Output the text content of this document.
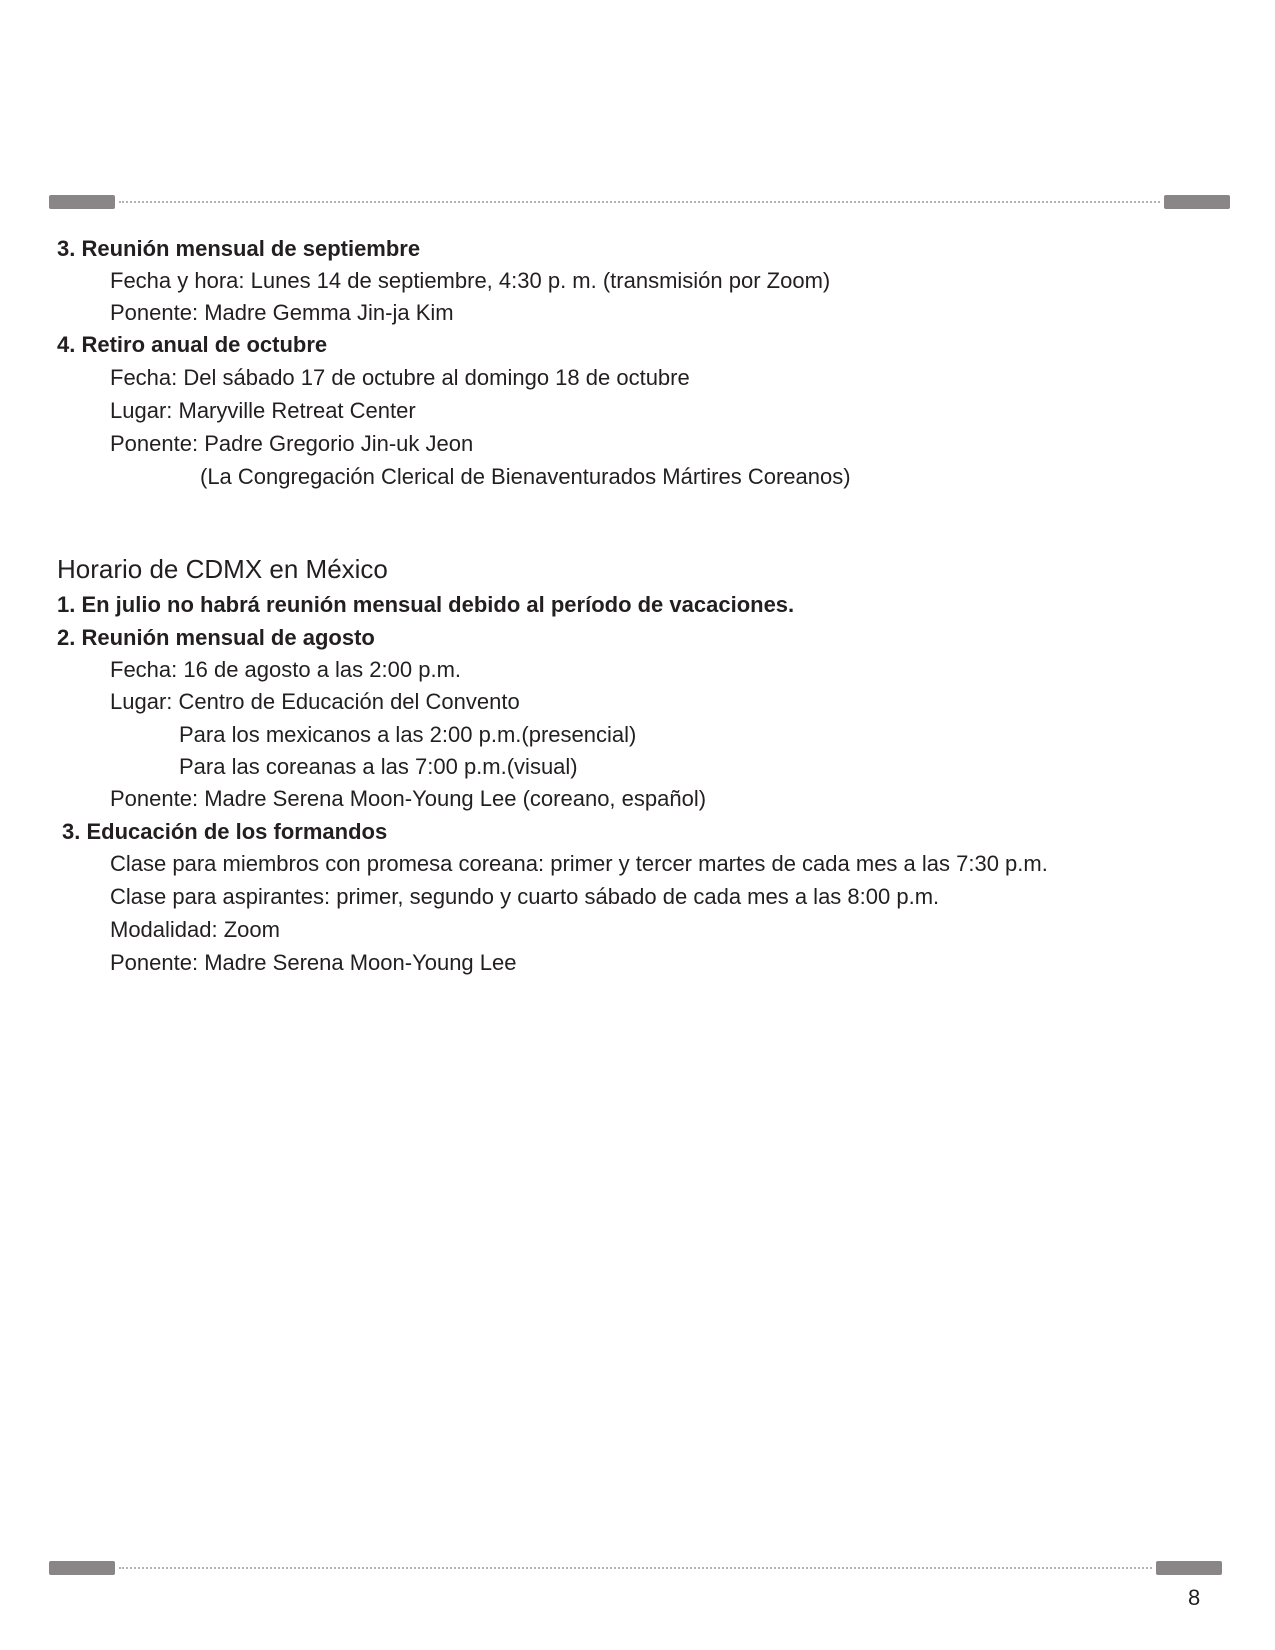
3. Reunión mensual de septiembre
Fecha y hora: Lunes 14 de septiembre, 4:30 p. m. (transmisión por Zoom)
Ponente: Madre Gemma Jin-ja Kim
4. Retiro anual de octubre
Fecha: Del sábado 17 de octubre al domingo 18 de octubre
Lugar: Maryville Retreat Center
Ponente: Padre Gregorio Jin-uk Jeon
(La Congregación Clerical de Bienaventurados Mártires Coreanos)
Horario de CDMX en México
1. En julio no habrá reunión mensual debido al período de vacaciones.
2. Reunión mensual de agosto
Fecha: 16 de agosto a las 2:00 p.m.
Lugar: Centro de Educación del Convento
Para los mexicanos a las 2:00 p.m.(presencial)
Para las coreanas a las 7:00 p.m.(visual)
Ponente: Madre Serena Moon-Young Lee (coreano, español)
3. Educación de los formandos
Clase para miembros con promesa coreana: primer y tercer martes de cada mes a las 7:30 p.m.
Clase para aspirantes: primer, segundo y cuarto sábado de cada mes a las 8:00 p.m.
Modalidad: Zoom
Ponente: Madre Serena Moon-Young Lee
8
